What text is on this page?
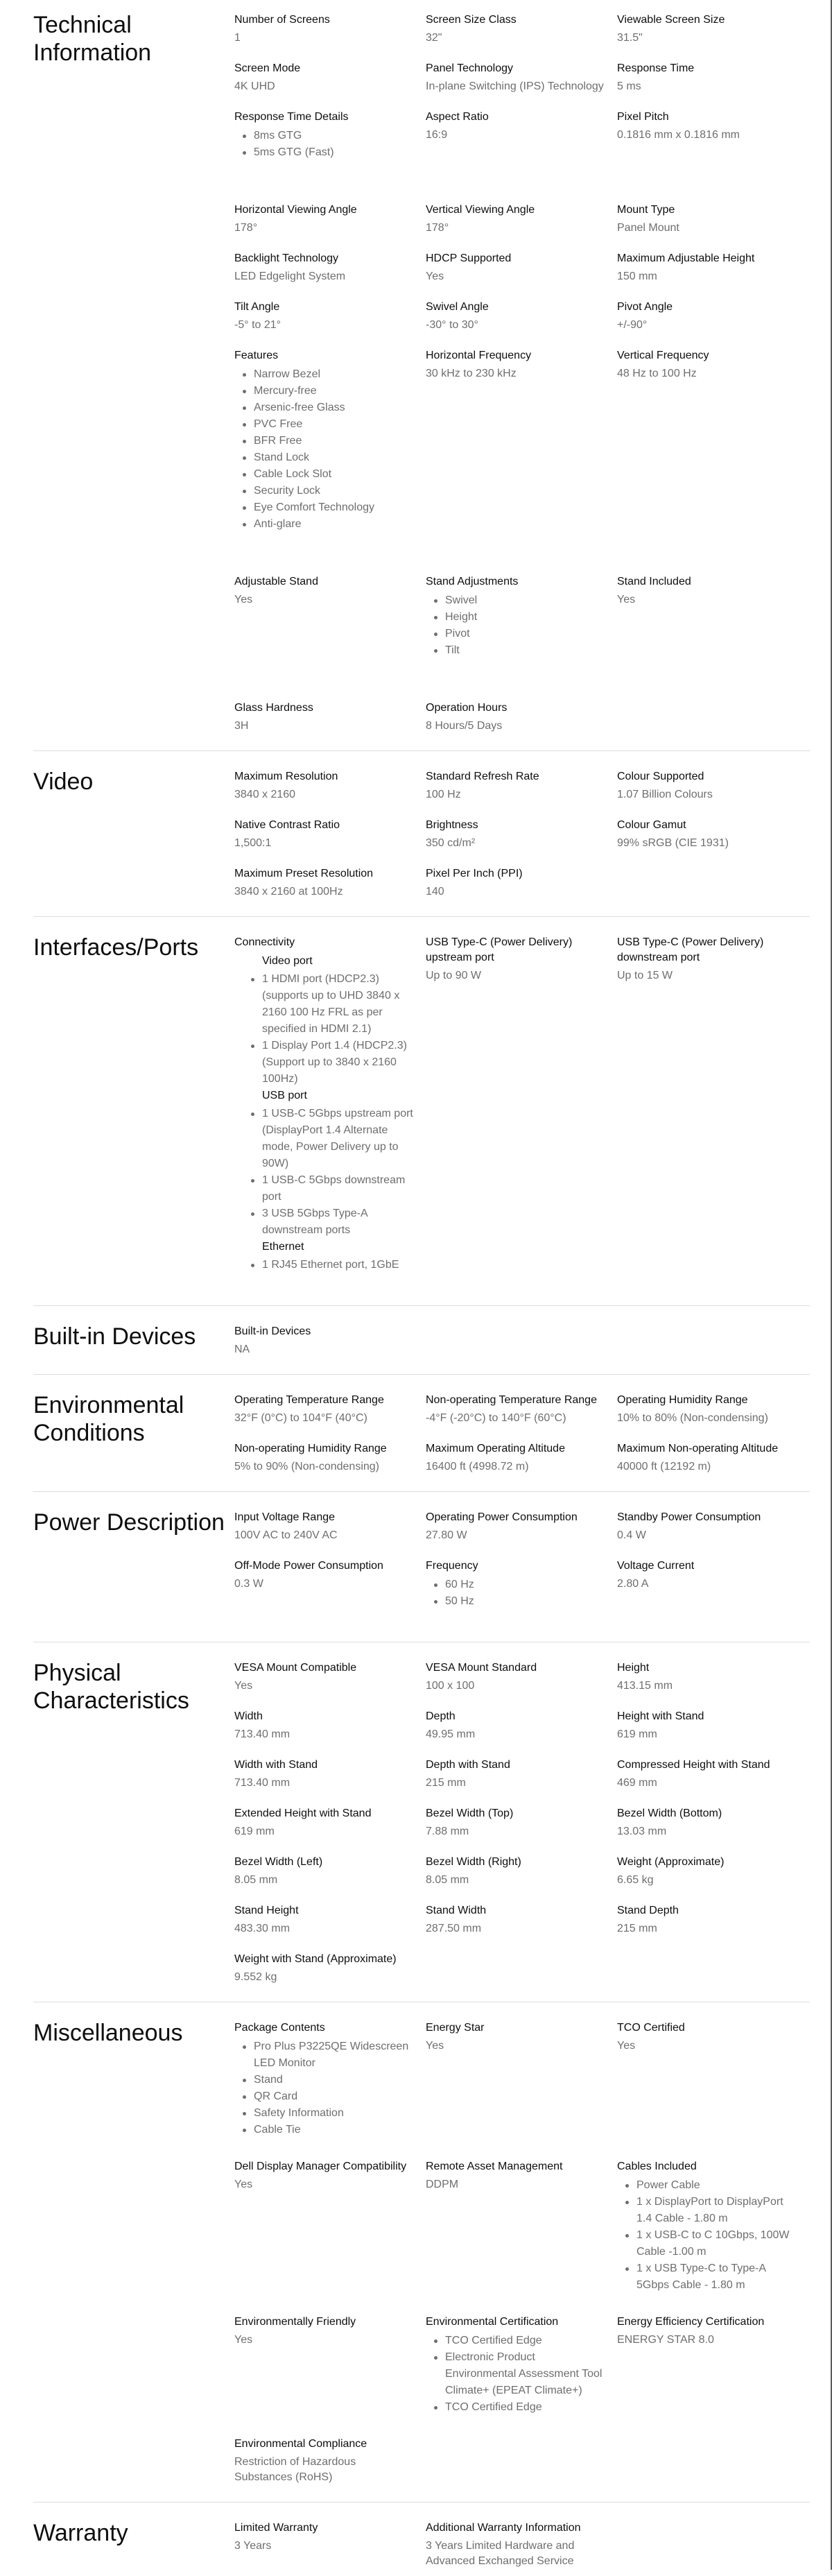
Technical Information

Number of Screens

1

Screen Size Class

32"

Viewable Screen Size

31.5"

Screen Mode

4K UHD

Panel Technology

In-plane Switching (IPS) Technology

Response Time

5 ms

Response Time Details

8ms GTG
5ms GTG (Fast)

Aspect Ratio

16:9

Pixel Pitch

0.1816 mm x 0.1816 mm

Horizontal Viewing Angle

178°

Vertical Viewing Angle

178°

Mount Type

Panel Mount

Backlight Technology

LED Edgelight System

HDCP Supported

Yes

Maximum Adjustable Height

150 mm

Tilt Angle

-5° to 21°

Swivel Angle

-30° to 30°

Pivot Angle

+/-90°

Features

Narrow Bezel
Mercury-free
Arsenic-free Glass
PVC Free
BFR Free
Stand Lock
Cable Lock Slot
Security Lock
Eye Comfort Technology
Anti-glare

Horizontal Frequency

30 kHz to 230 kHz

Vertical Frequency

48 Hz to 100 Hz

Adjustable Stand

Yes

Stand Adjustments

Swivel
Height
Pivot
Tilt

Stand Included

Yes

Glass Hardness

3H

Operation Hours

8 Hours/5 Days

Video	Maximum Resolution

3840 x 2160

Standard Refresh Rate

100 Hz

Colour Supported

1.07 Billion Colours

Native Contrast Ratio

1,500:1

Brightness

350 cd/m²

Colour Gamut

99% sRGB (CIE 1931)

Maximum Preset Resolution

3840 x 2160 at 100Hz

Pixel Per Inch (PPI)

140

Interfaces/Ports	Connectivity

Video port

1 HDMI port (HDCP2.3) (supports up to UHD 3840 x 2160 100 Hz FRL as per specified in HDMI 2.1)
1 Display Port 1.4 (HDCP2.3) (Support up to 3840 x 2160 100Hz)

USB port

1 USB-C 5Gbps upstream port (DisplayPort 1.4 Alternate mode, Power Delivery up to 90W)
1 USB-C 5Gbps downstream port
3 USB 5Gbps Type-A downstream ports

Ethernet

1 RJ45 Ethernet port, 1GbE

USB Type-C (Power Delivery) upstream port

Up to 90 W

USB Type-C (Power Delivery) downstream port

Up to 15 W

Built-in Devices	Built-in Devices

NA

Environmental Conditions

Operating Temperature Range

32°F (0°C) to 104°F (40°C)

Non-operating Temperature Range

-4°F (-20°C) to 140°F (60°C)

Operating Humidity Range

10% to 80% (Non-condensing)

Non-operating Humidity Range

5% to 90% (Non-condensing)

Maximum Operating Altitude

16400 ft (4998.72 m)

Maximum Non-operating Altitude

40000 ft (12192 m)

Power Description Input Voltage Range

100V AC to 240V AC

Operating Power Consumption

27.80 W

Standby Power Consumption

0.4 W

Off-Mode Power Consumption

0.3 W

Frequency

60 Hz
50 Hz

Voltage Current

2.80 A

Physical Characteristics

VESA Mount Compatible

Yes

VESA Mount Standard

100 x 100

Height

413.15 mm

Width

713.40 mm

Depth

49.95 mm

Height with Stand

619 mm

Width with Stand

713.40 mm

Depth with Stand

215 mm

Compressed Height with Stand

469 mm

Extended Height with Stand

619 mm

Bezel Width (Top)

7.88 mm

Bezel Width (Bottom)

13.03 mm

Bezel Width (Left)

8.05 mm

Bezel Width (Right)

8.05 mm

Weight (Approximate)

6.65 kg

Stand Height

483.30 mm

Stand Width

287.50 mm

Stand Depth

215 mm

Weight with Stand (Approximate)

9.552 kg

Miscellaneous	Package Contents

Pro Plus P3225QE Widescreen LED Monitor
Stand
QR Card
Safety Information
Cable Tie

Energy Star

Yes

TCO Certified

Yes

Dell Display Manager Compatibility

Yes

Remote Asset Management

DDPM

Cables Included

Power Cable
1 x DisplayPort to DisplayPort 1.4 Cable - 1.80 m
1 x USB-C to C 10Gbps, 100W Cable -1.00 m
1 x USB Type-C to Type-A 5Gbps Cable - 1.80 m

Environmentally Friendly

Yes

Environmental Certification

TCO Certified Edge
Electronic Product Environmental Assessment Tool Climate+ (EPEAT Climate+)
TCO Certified Edge

Energy Efficiency Certification

ENERGY STAR 8.0

Environmental Compliance

Restriction of Hazardous Substances (RoHS)

Warranty	Limited Warranty

3 Years

Additional Warranty Information

3 Years Limited Hardware and Advanced Exchanged Service
